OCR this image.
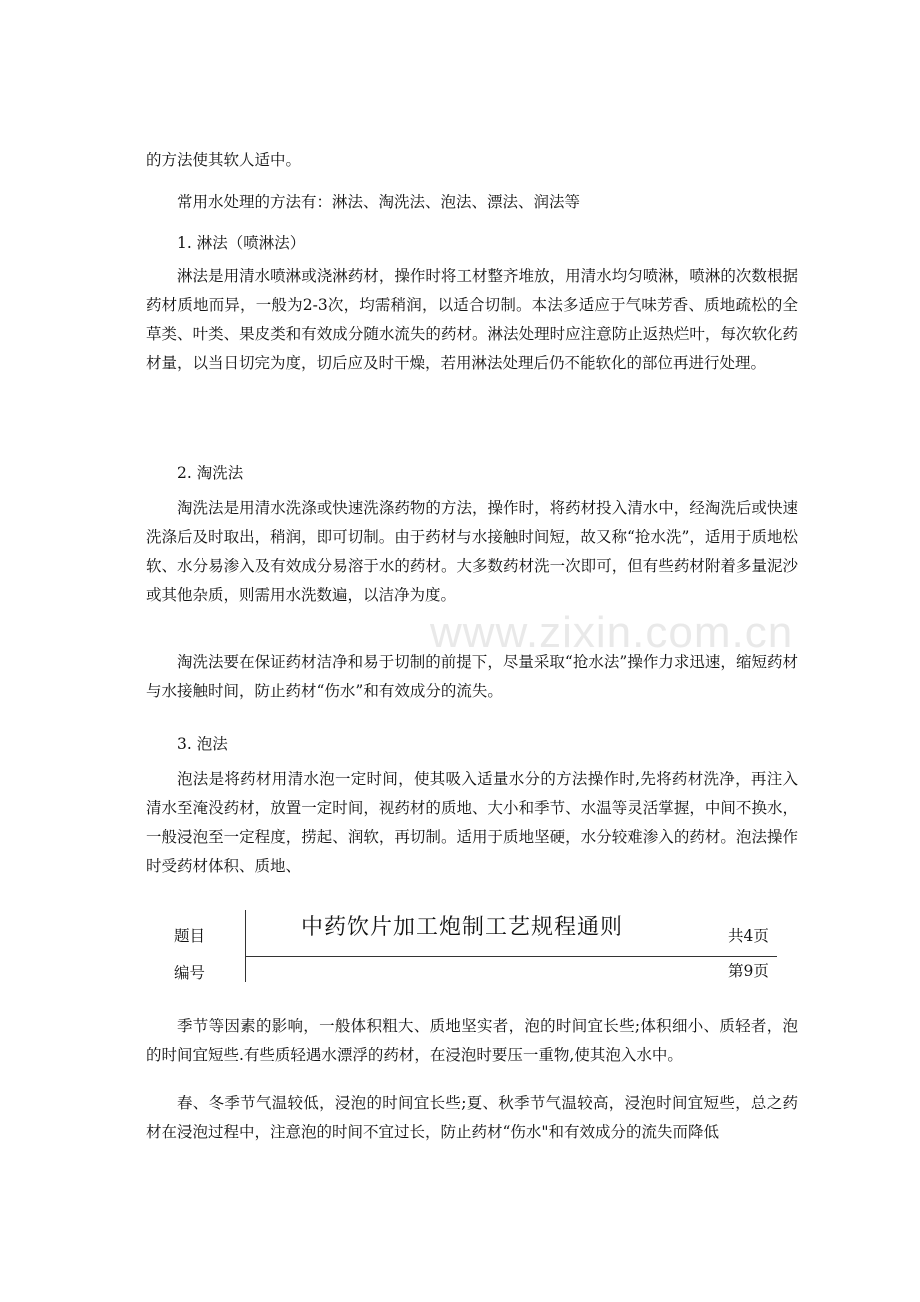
www.zixin.com.cn

的方法使其软人适中。

常用水处理的方法有：淋法、淘洗法、泡法、漂法、润法等

1. 淋法（喷淋法）

淋法是用清水喷淋或浇淋药材，操作时将工材整齐堆放，用清水均匀喷淋，喷淋的次数根据药材质地而异，一般为2-3次，均需稍润，以适合切制。本法多适应于气味芳香、质地疏松的全草类、叶类、果皮类和有效成分随水流失的药材。淋法处理时应注意防止返热烂叶，每次软化药材量，以当日切完为度，切后应及时干燥，若用淋法处理后仍不能软化的部位再进行处理。

2. 淘洗法

淘洗法是用清水洗涤或快速洗涤药物的方法，操作时，将药材投入清水中，经淘洗后或快速洗涤后及时取出，稍润，即可切制。由于药材与水接触时间短，故又称“抢水洗”，适用于质地松软、水分易渗入及有效成分易溶于水的药材。大多数药材洗一次即可，但有些药材附着多量泥沙或其他杂质，则需用水洗数遍，以洁净为度。

淘洗法要在保证药材洁净和易于切制的前提下，尽量采取“抢水法”操作力求迅速，缩短药材与水接触时间，防止药材“伤水”和有效成分的流失。

3. 泡法

泡法是将药材用清水泡一定时间，使其吸入适量水分的方法操作时,先将药材洗净，再注入清水至淹没药材，放置一定时间，视药材的质地、大小和季节、水温等灵活掌握，中间不换水，一般浸泡至一定程度，捞起、润软，再切制。适用于质地坚硬，水分较难渗入的药材。泡法操作时受药材体积、质地、

题目	中药饮片加工炮制工艺规程通则	共4页
编号	第9页

季节等因素的影响，一般体积粗大、质地坚实者，泡的时间宜长些;体积细小、质轻者，泡的时间宜短些.有些质轻遇水漂浮的药材，在浸泡时要压一重物,使其泡入水中。

春、冬季节气温较低，浸泡的时间宜长些;夏、秋季节气温较高，浸泡时间宜短些，总之药材在浸泡过程中，注意泡的时间不宜过长，防止药材“伤水"和有效成分的流失而降低
